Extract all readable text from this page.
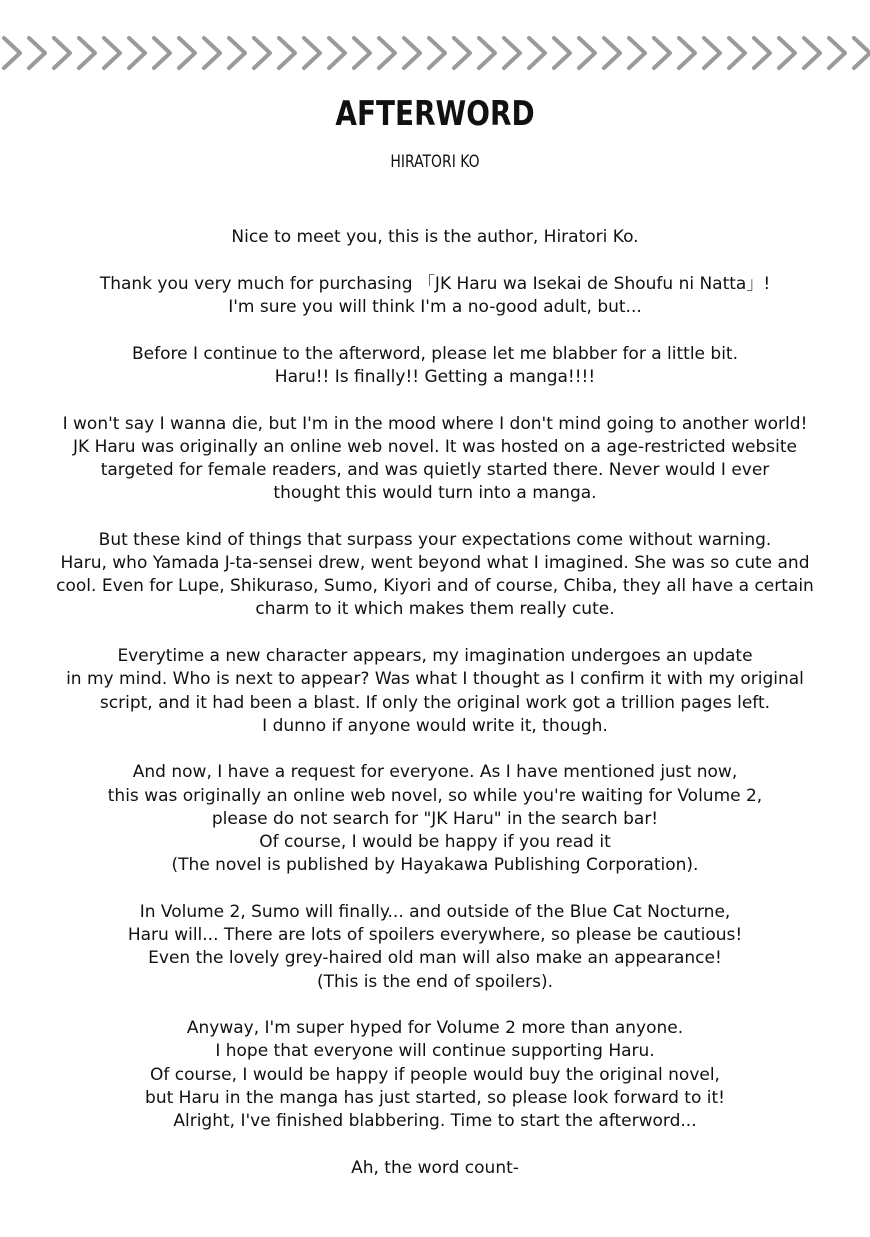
AFTERWORD
HIRATORI KO
Nice to meet you, this is the author, Hiratori Ko.
Thank you very much for purchasing 「JK Haru wa Isekai de Shoufu ni Natta」!
I'm sure you will think I'm a no-good adult, but...
Before I continue to the afterword, please let me blabber for a little bit.
Haru!! Is finally!! Getting a manga!!!!
I won't say I wanna die, but I'm in the mood where I don't mind going to another world!
JK Haru was originally an online web novel. It was hosted on a age-restricted website
targeted for female readers, and was quietly started there. Never would I ever
thought this would turn into a manga.
But these kind of things that surpass your expectations come without warning.
Haru, who Yamada J-ta-sensei drew, went beyond what I imagined. She was so cute and
cool. Even for Lupe, Shikuraso, Sumo, Kiyori and of course, Chiba, they all have a certain
charm to it which makes them really cute.
Everytime a new character appears, my imagination undergoes an update
in my mind. Who is next to appear? Was what I thought as I confirm it with my original
script, and it had been a blast. If only the original work got a trillion pages left.
I dunno if anyone would write it, though.
And now, I have a request for everyone. As I have mentioned just now,
this was originally an online web novel, so while you're waiting for Volume 2,
please do not search for "JK Haru" in the search bar!
Of course, I would be happy if you read it
(The novel is published by Hayakawa Publishing Corporation).
In Volume 2, Sumo will finally... and outside of the Blue Cat Nocturne,
Haru will... There are lots of spoilers everywhere, so please be cautious!
Even the lovely grey-haired old man will also make an appearance!
(This is the end of spoilers).
Anyway, I'm super hyped for Volume 2 more than anyone.
I hope that everyone will continue supporting Haru.
Of course, I would be happy if people would buy the original novel,
but Haru in the manga has just started, so please look forward to it!
Alright, I've finished blabbering. Time to start the afterword...
Ah, the word count-
